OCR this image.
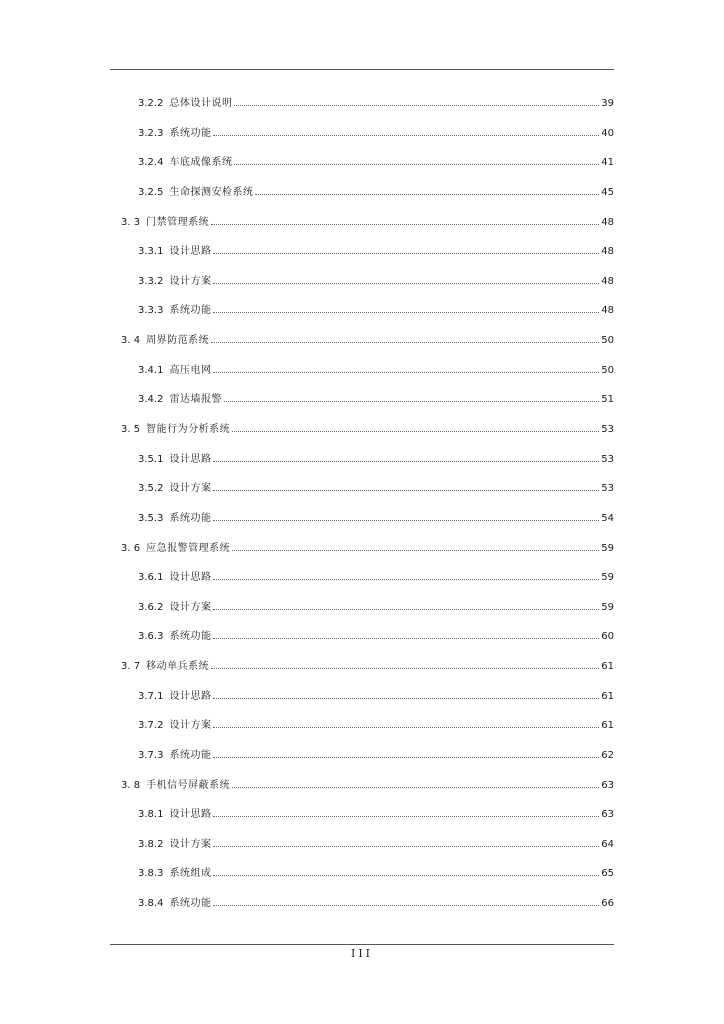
3.2.2 总体设计说明	39
3.2.3 系统功能	40
3.2.4 车底成像系统	41
3.2.5 生命探测安检系统	45
3. 3 门禁管理系统	48
3.3.1 设计思路	48
3.3.2 设计方案	48
3.3.3 系统功能	48
3. 4 周界防范系统	50
3.4.1 高压电网	50
3.4.2 雷达墙报警	51
3. 5 智能行为分析系统	53
3.5.1 设计思路	53
3.5.2 设计方案	53
3.5.3 系统功能	54
3. 6 应急报警管理系统	59
3.6.1 设计思路	59
3.6.2 设计方案	59
3.6.3 系统功能	60
3. 7 移动单兵系统	61
3.7.1 设计思路	61
3.7.2 设计方案	61
3.7.3 系统功能	62
3. 8 手机信号屏蔽系统	63
3.8.1 设计思路	63
3.8.2 设计方案	64
3.8.3 系统组成	65
3.8.4 系统功能	66
III
